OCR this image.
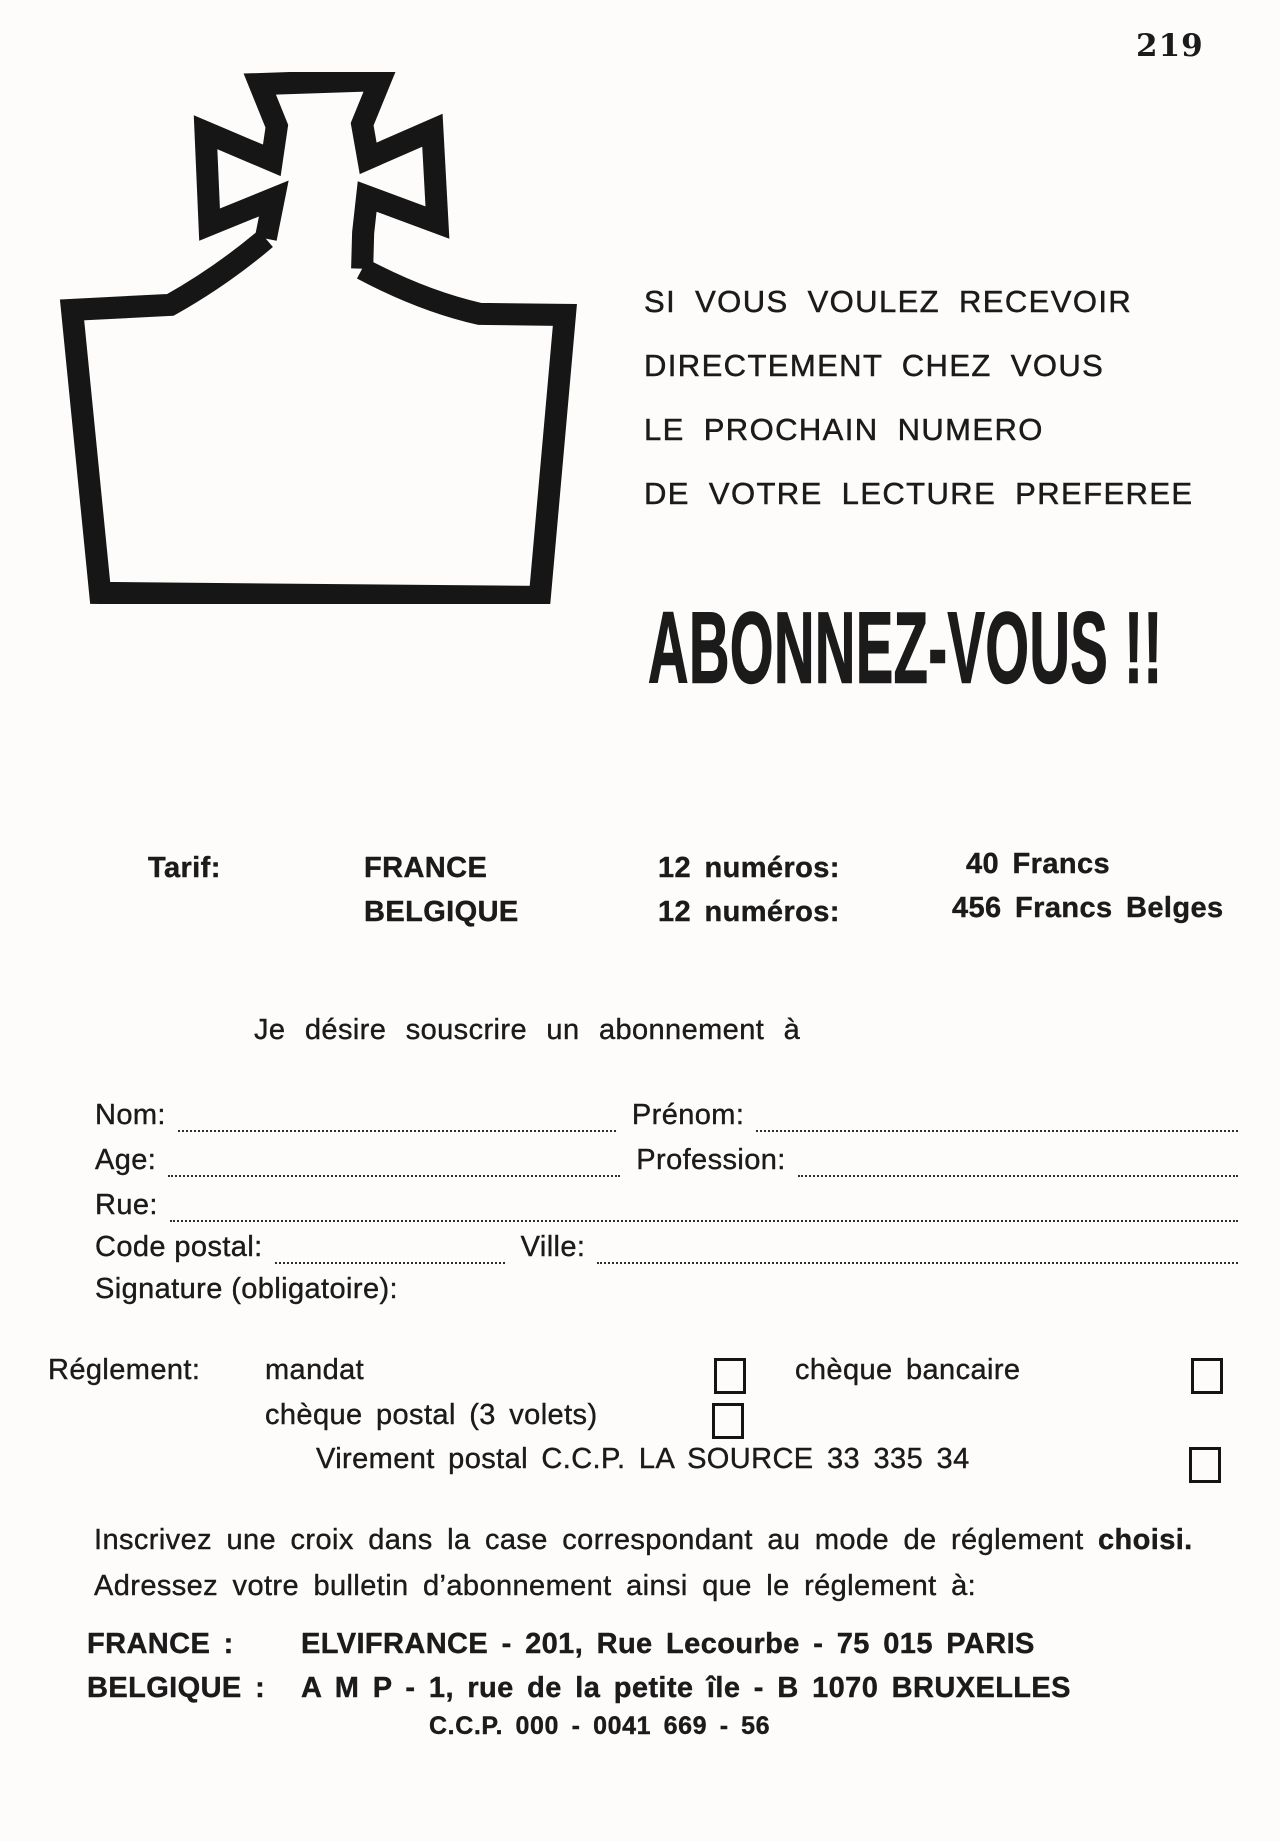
219
SI VOUS VOULEZ RECEVOIR
DIRECTEMENT CHEZ VOUS
LE PROCHAIN NUMERO
DE VOTRE LECTURE PREFEREE
ABONNEZ-VOUS !!
Tarif:	FRANCE	12 numéros:	40 Francs
BELGIQUE	12 numéros:	456 Francs Belges
Je désire souscrire un abonnement à
Nom:	Prénom:
Age:	Profession:
Rue:
Code postal:	Ville:
Signature (obligatoire):
Réglement: mandat	chèque bancaire
chèque postal (3 volets)
Virement postal C.C.P. LA SOURCE 33 335 34
Inscrivez une croix dans la case correspondant au mode de réglement choisi.
Adressez votre bulletin d’abonnement ainsi que le réglement à:
FRANCE : ELVIFRANCE - 201, Rue Lecourbe - 75 015 PARIS
BELGIQUE : A M P - 1, rue de la petite île - B 1070 BRUXELLES
C.C.P. 000 - 0041 669 - 56
